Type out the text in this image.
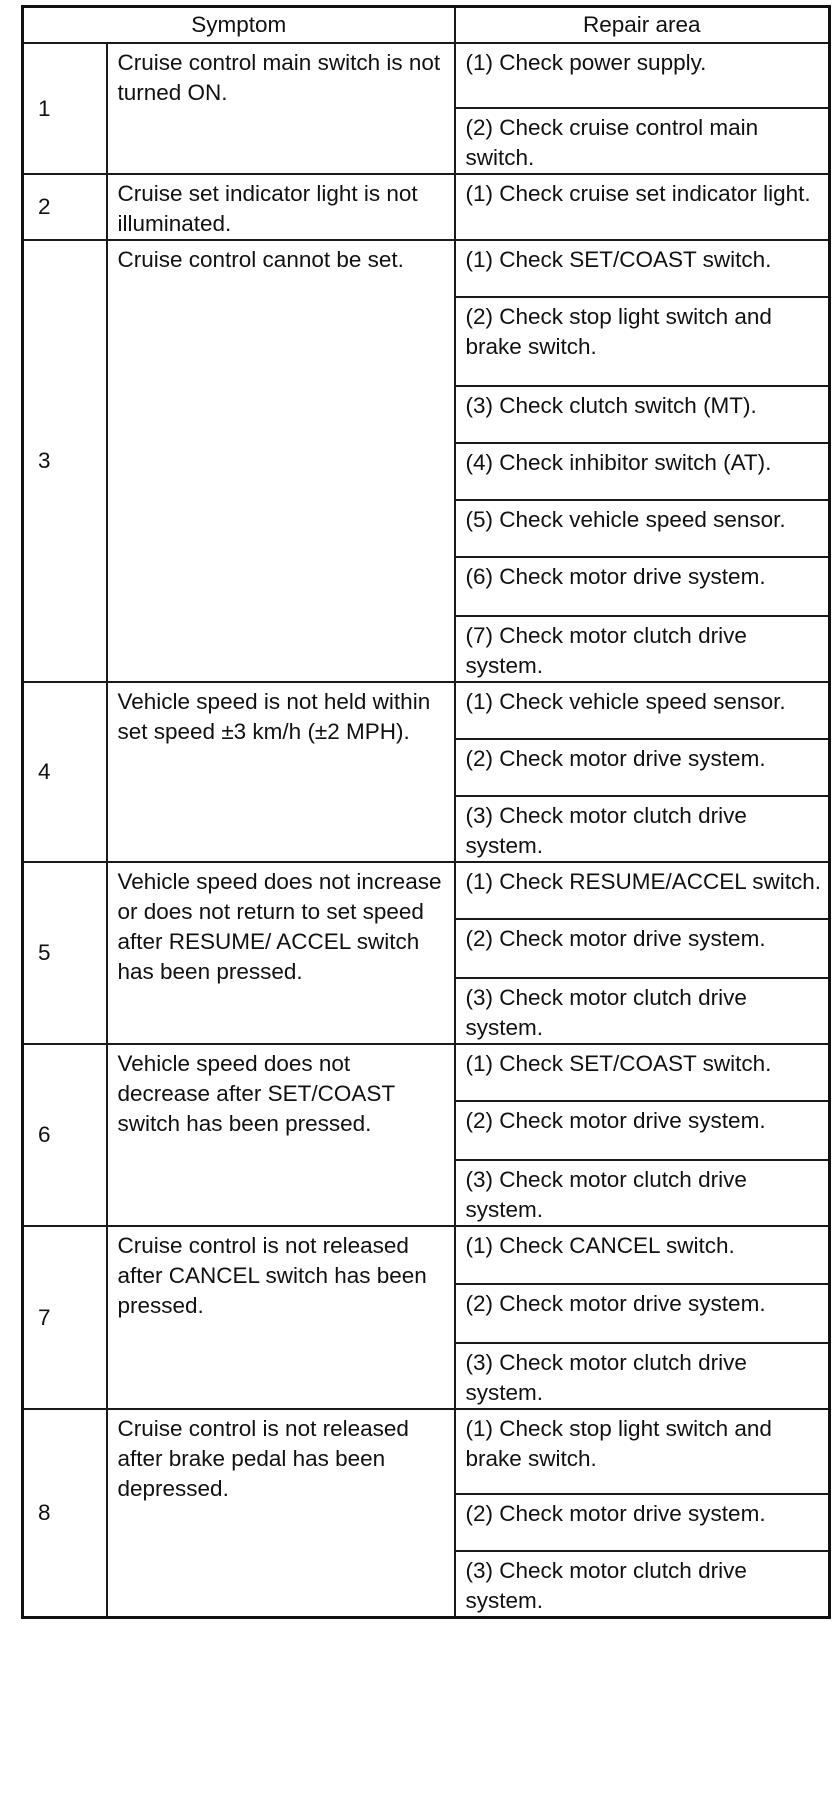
Symptom		Repair area
1	Cruise control main switch is not turned ON.	(1) Check power supply.
		(2) Check cruise control main switch.
2	Cruise set indicator light is not illuminated.	(1) Check cruise set indicator light.
3	Cruise control cannot be set.	(1) Check SET/COAST switch.
		(2) Check stop light switch and brake switch.
		(3) Check clutch switch (MT).
		(4) Check inhibitor switch (AT).
		(5) Check vehicle speed sensor.
		(6) Check motor drive system.
		(7) Check motor clutch drive system.
4	Vehicle speed is not held within set speed ±3 km/h (±2 MPH).	(1) Check vehicle speed sensor.
		(2) Check motor drive system.
		(3) Check motor clutch drive system.
5	Vehicle speed does not increase or does not return to set speed after RESUME/ ACCEL switch has been pressed.	(1) Check RESUME/ACCEL switch.
		(2) Check motor drive system.
		(3) Check motor clutch drive system.
6	Vehicle speed does not decrease after SET/COAST switch has been pressed.	(1) Check SET/COAST switch.
		(2) Check motor drive system.
		(3) Check motor clutch drive system.
7	Cruise control is not released after CANCEL switch has been pressed.	(1) Check CANCEL switch.
		(2) Check motor drive system.
		(3) Check motor clutch drive system.
8	Cruise control is not released after brake pedal has been depressed.	(1) Check stop light switch and brake switch.
		(2) Check motor drive system.
		(3) Check motor clutch drive system.
